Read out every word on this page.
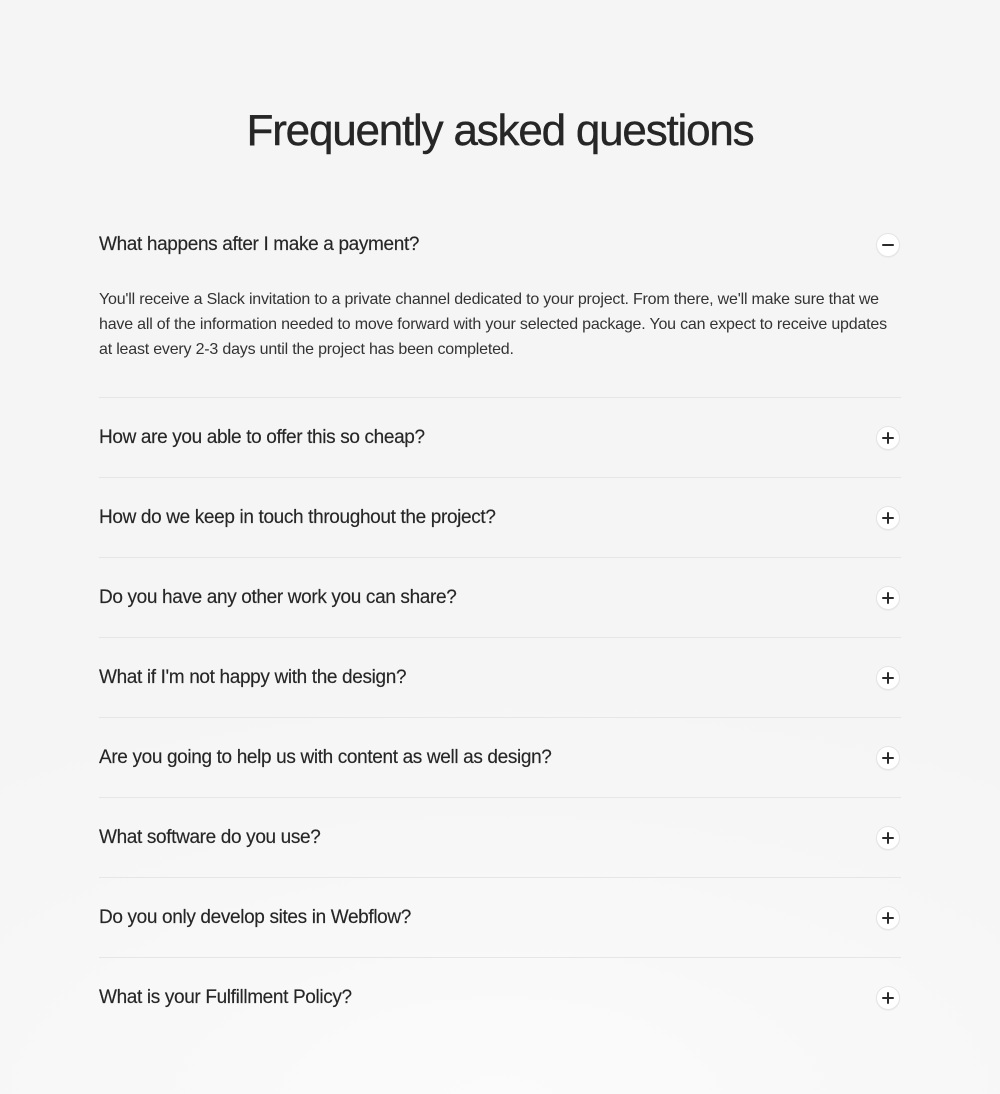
Frequently asked questions
What happens after I make a payment?

You'll receive a Slack invitation to a private channel dedicated to your project. From there, we'll make sure that we have all of the information needed to move forward with your selected package. You can expect to receive updates at least every 2-3 days until the project has been completed.

How are you able to offer this so cheap?
How do we keep in touch throughout the project?
Do you have any other work you can share?
What if I'm not happy with the design?
Are you going to help us with content as well as design?
What software do you use?
Do you only develop sites in Webflow?
What is your Fulfillment Policy?
